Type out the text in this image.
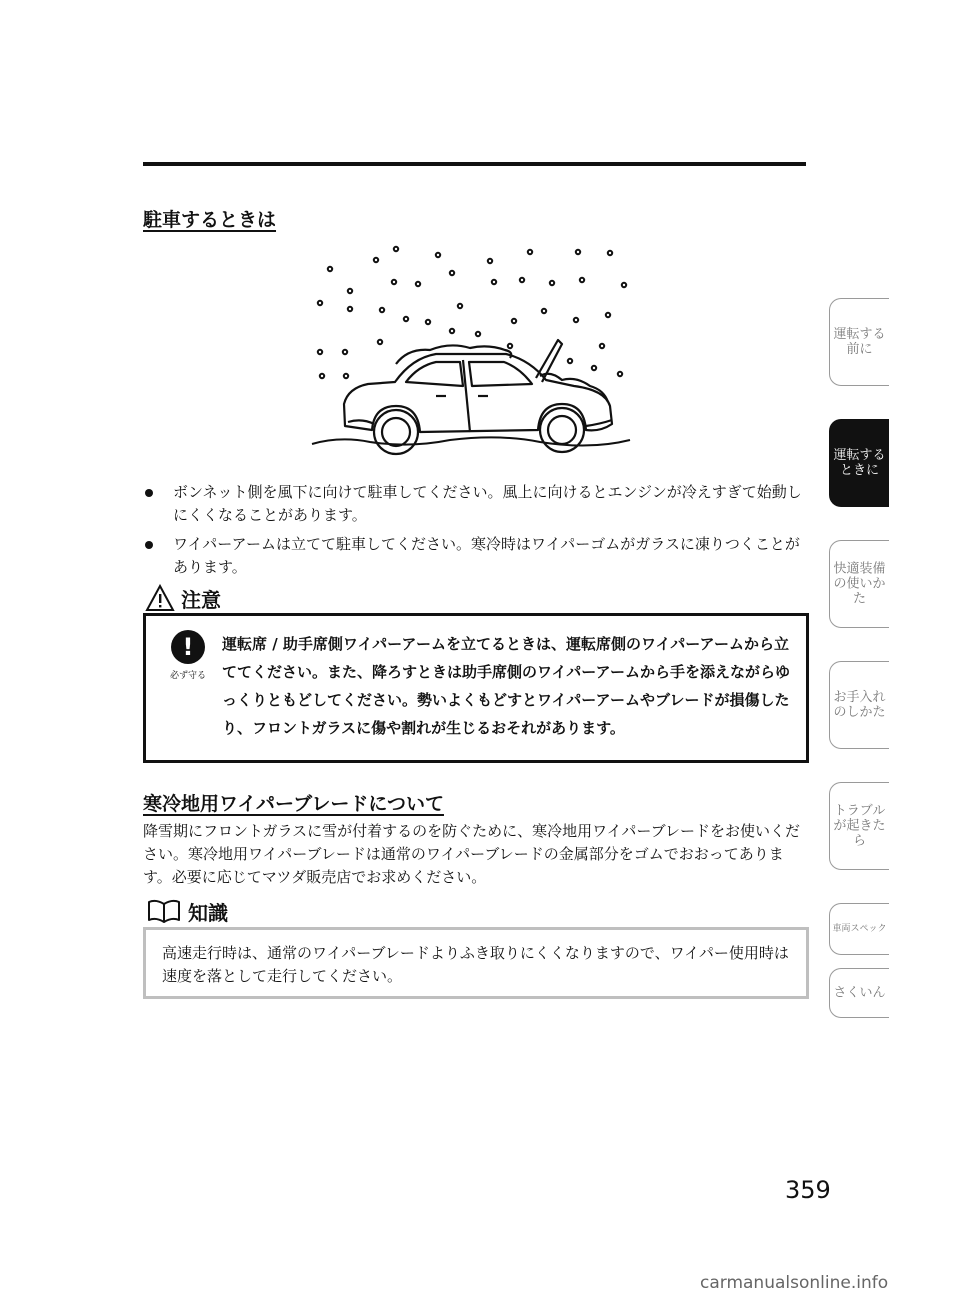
駐車するときは
ボンネット側を風下に向けて駐車してください。風上に向けるとエンジンが冷えすぎて始動しにくくなることがあります。
ワイパーアームは立てて駐車してください。寒冷時はワイパーゴムがガラスに凍りつくことがあります。
注意
!
必ず守る

運転席 / 助手席側ワイパーアームを立てるときは、運転席側のワイパーアームから立ててください。また、降ろすときは助手席側のワイパーアームから手を添えながらゆっくりともどしてください。勢いよくもどすとワイパーアームやブレードが損傷したり、フロントガラスに傷や割れが生じるおそれがあります。

寒冷地用ワイパーブレードについて

降雪期にフロントガラスに雪が付着するのを防ぐために、寒冷地用ワイパーブレードをお使いください。寒冷地用ワイパーブレードは通常のワイパーブレードの金属部分をゴムでおおってあります。必要に応じてマツダ販売店でお求めください。

知識

高速走行時は、通常のワイパーブレードよりふき取りにくくなりますので、ワイパー使用時は速度を落として走行してください。

運転する前に
運転するときに
快適装備の使いかた
お手入れのしかた
トラブルが起きたら
車両スペック
さくいん

359

carmanualsonline.info
